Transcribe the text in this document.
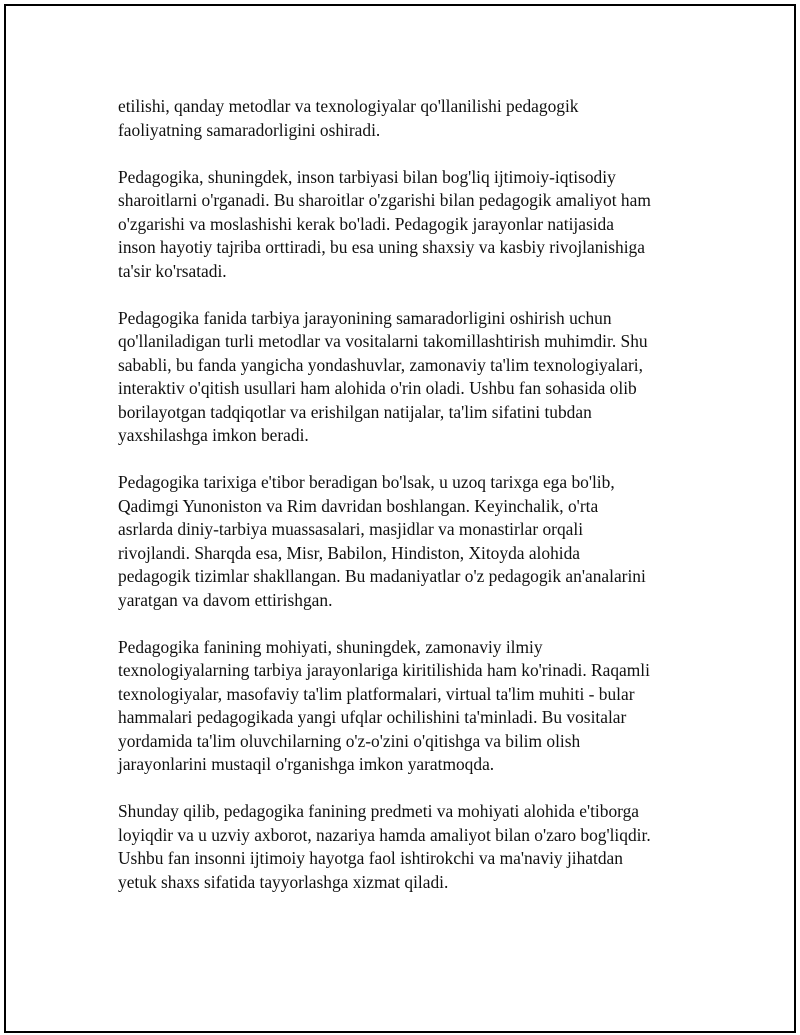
etilishi, qanday metodlar va texnologiyalar qo'llanilishi pedagogik
faoliyatning samaradorligini oshiradi.

Pedagogika, shuningdek, inson tarbiyasi bilan bog'liq ijtimoiy-iqtisodiy
sharoitlarni o'rganadi. Bu sharoitlar o'zgarishi bilan pedagogik amaliyot ham
o'zgarishi va moslashishi kerak bo'ladi. Pedagogik jarayonlar natijasida
inson hayotiy tajriba orttiradi, bu esa uning shaxsiy va kasbiy rivojlanishiga
ta'sir ko'rsatadi.

Pedagogika fanida tarbiya jarayonining samaradorligini oshirish uchun
qo'llaniladigan turli metodlar va vositalarni takomillashtirish muhimdir. Shu
sababli, bu fanda yangicha yondashuvlar, zamonaviy ta'lim texnologiyalari,
interaktiv o'qitish usullari ham alohida o'rin oladi. Ushbu fan sohasida olib
borilayotgan tadqiqotlar va erishilgan natijalar, ta'lim sifatini tubdan
yaxshilashga imkon beradi.

Pedagogika tarixiga e'tibor beradigan bo'lsak, u uzoq tarixga ega bo'lib,
Qadimgi Yunoniston va Rim davridan boshlangan. Keyinchalik, o'rta
asrlarda diniy-tarbiya muassasalari, masjidlar va monastirlar orqali
rivojlandi. Sharqda esa, Misr, Babilon, Hindiston, Xitoyda alohida
pedagogik tizimlar shakllangan. Bu madaniyatlar o'z pedagogik an'analarini
yaratgan va davom ettirishgan.

Pedagogika fanining mohiyati, shuningdek, zamonaviy ilmiy
texnologiyalarning tarbiya jarayonlariga kiritilishida ham ko'rinadi. Raqamli
texnologiyalar, masofaviy ta'lim platformalari, virtual ta'lim muhiti - bular
hammalari pedagogikada yangi ufqlar ochilishini ta'minladi. Bu vositalar
yordamida ta'lim oluvchilarning o'z-o'zini o'qitishga va bilim olish
jarayonlarini mustaqil o'rganishga imkon yaratmoqda.

Shunday qilib, pedagogika fanining predmeti va mohiyati alohida e'tiborga
loyiqdir va u uzviy axborot, nazariya hamda amaliyot bilan o'zaro bog'liqdir.
Ushbu fan insonni ijtimoiy hayotga faol ishtirokchi va ma'naviy jihatdan
yetuk shaxs sifatida tayyorlashga xizmat qiladi.
